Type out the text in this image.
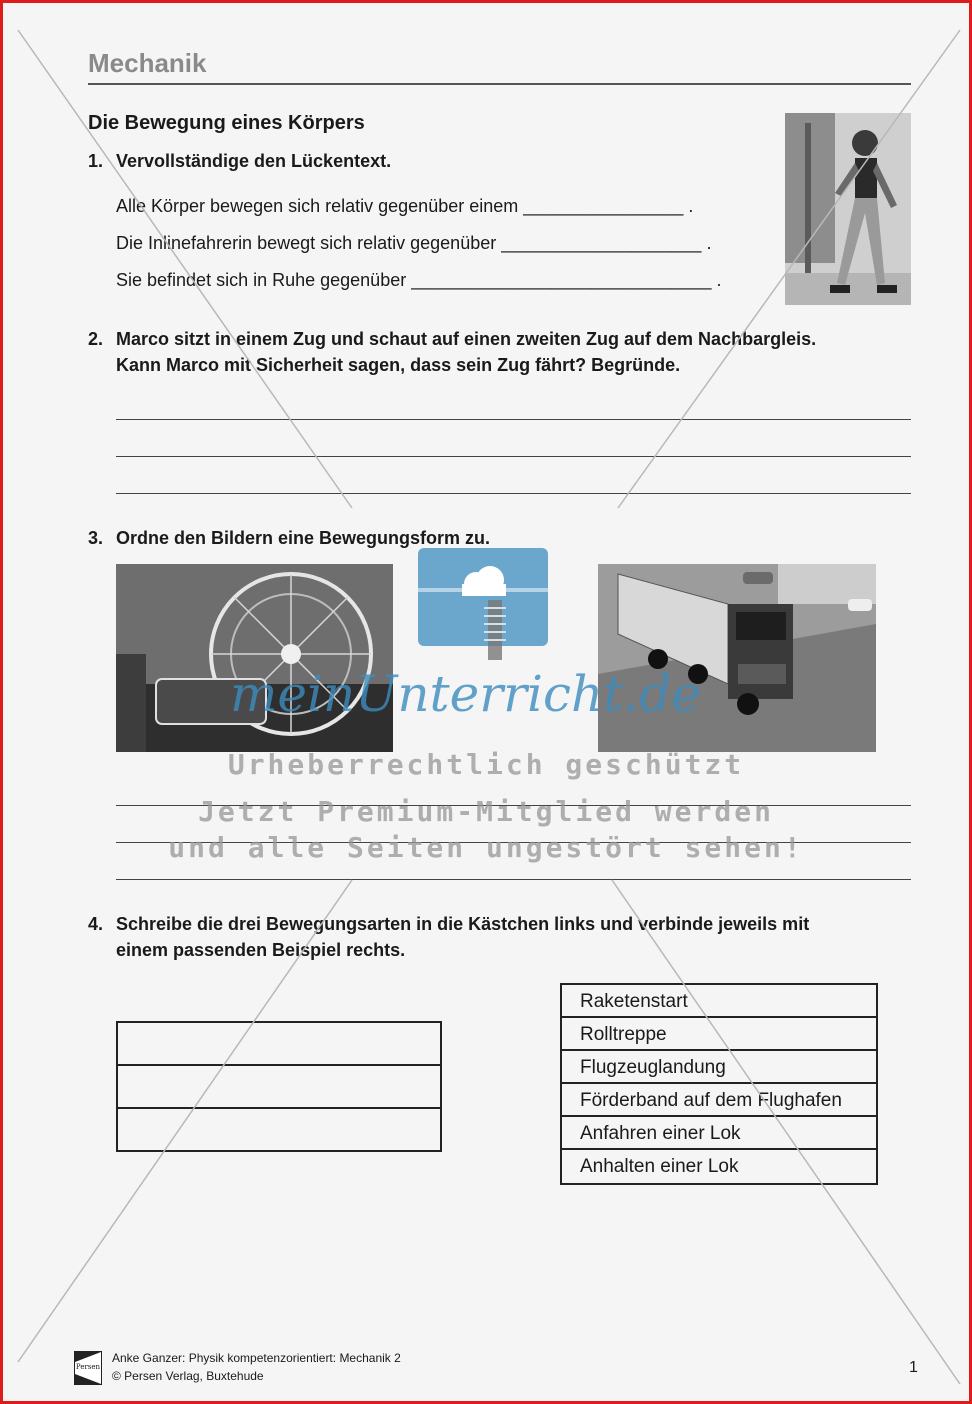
Mechanik
Die Bewegung eines Körpers
1. Vervollständige den Lückentext.
Alle Körper bewegen sich relativ gegenüber einem ________________ .
Die Inlinefahrerin bewegt sich relativ gegenüber ____________________ .
Sie befindet sich in Ruhe gegenüber ______________________________ .
2. Marco sitzt in einem Zug und schaut auf einen zweiten Zug auf dem Nachbargleis.
Kann Marco mit Sicherheit sagen, dass sein Zug fährt? Begründe.
3. Ordne den Bildern eine Bewegungsform zu.
4. Schreibe die drei Bewegungsarten in die Kästchen links und verbinde jeweils mit
einem passenden Beispiel rechts.
Raketenstart
Rolltreppe
Flugzeuglandung
Förderband auf dem Flughafen
Anfahren einer Lok
Anhalten einer Lok
meinUnterricht.de
Urheberrechtlich geschützt
Jetzt Premium-Mitglied werden
und alle Seiten ungestört sehen!
Persen
Anke Ganzer: Physik kompetenzorientiert: Mechanik 2
© Persen Verlag, Buxtehude	1
